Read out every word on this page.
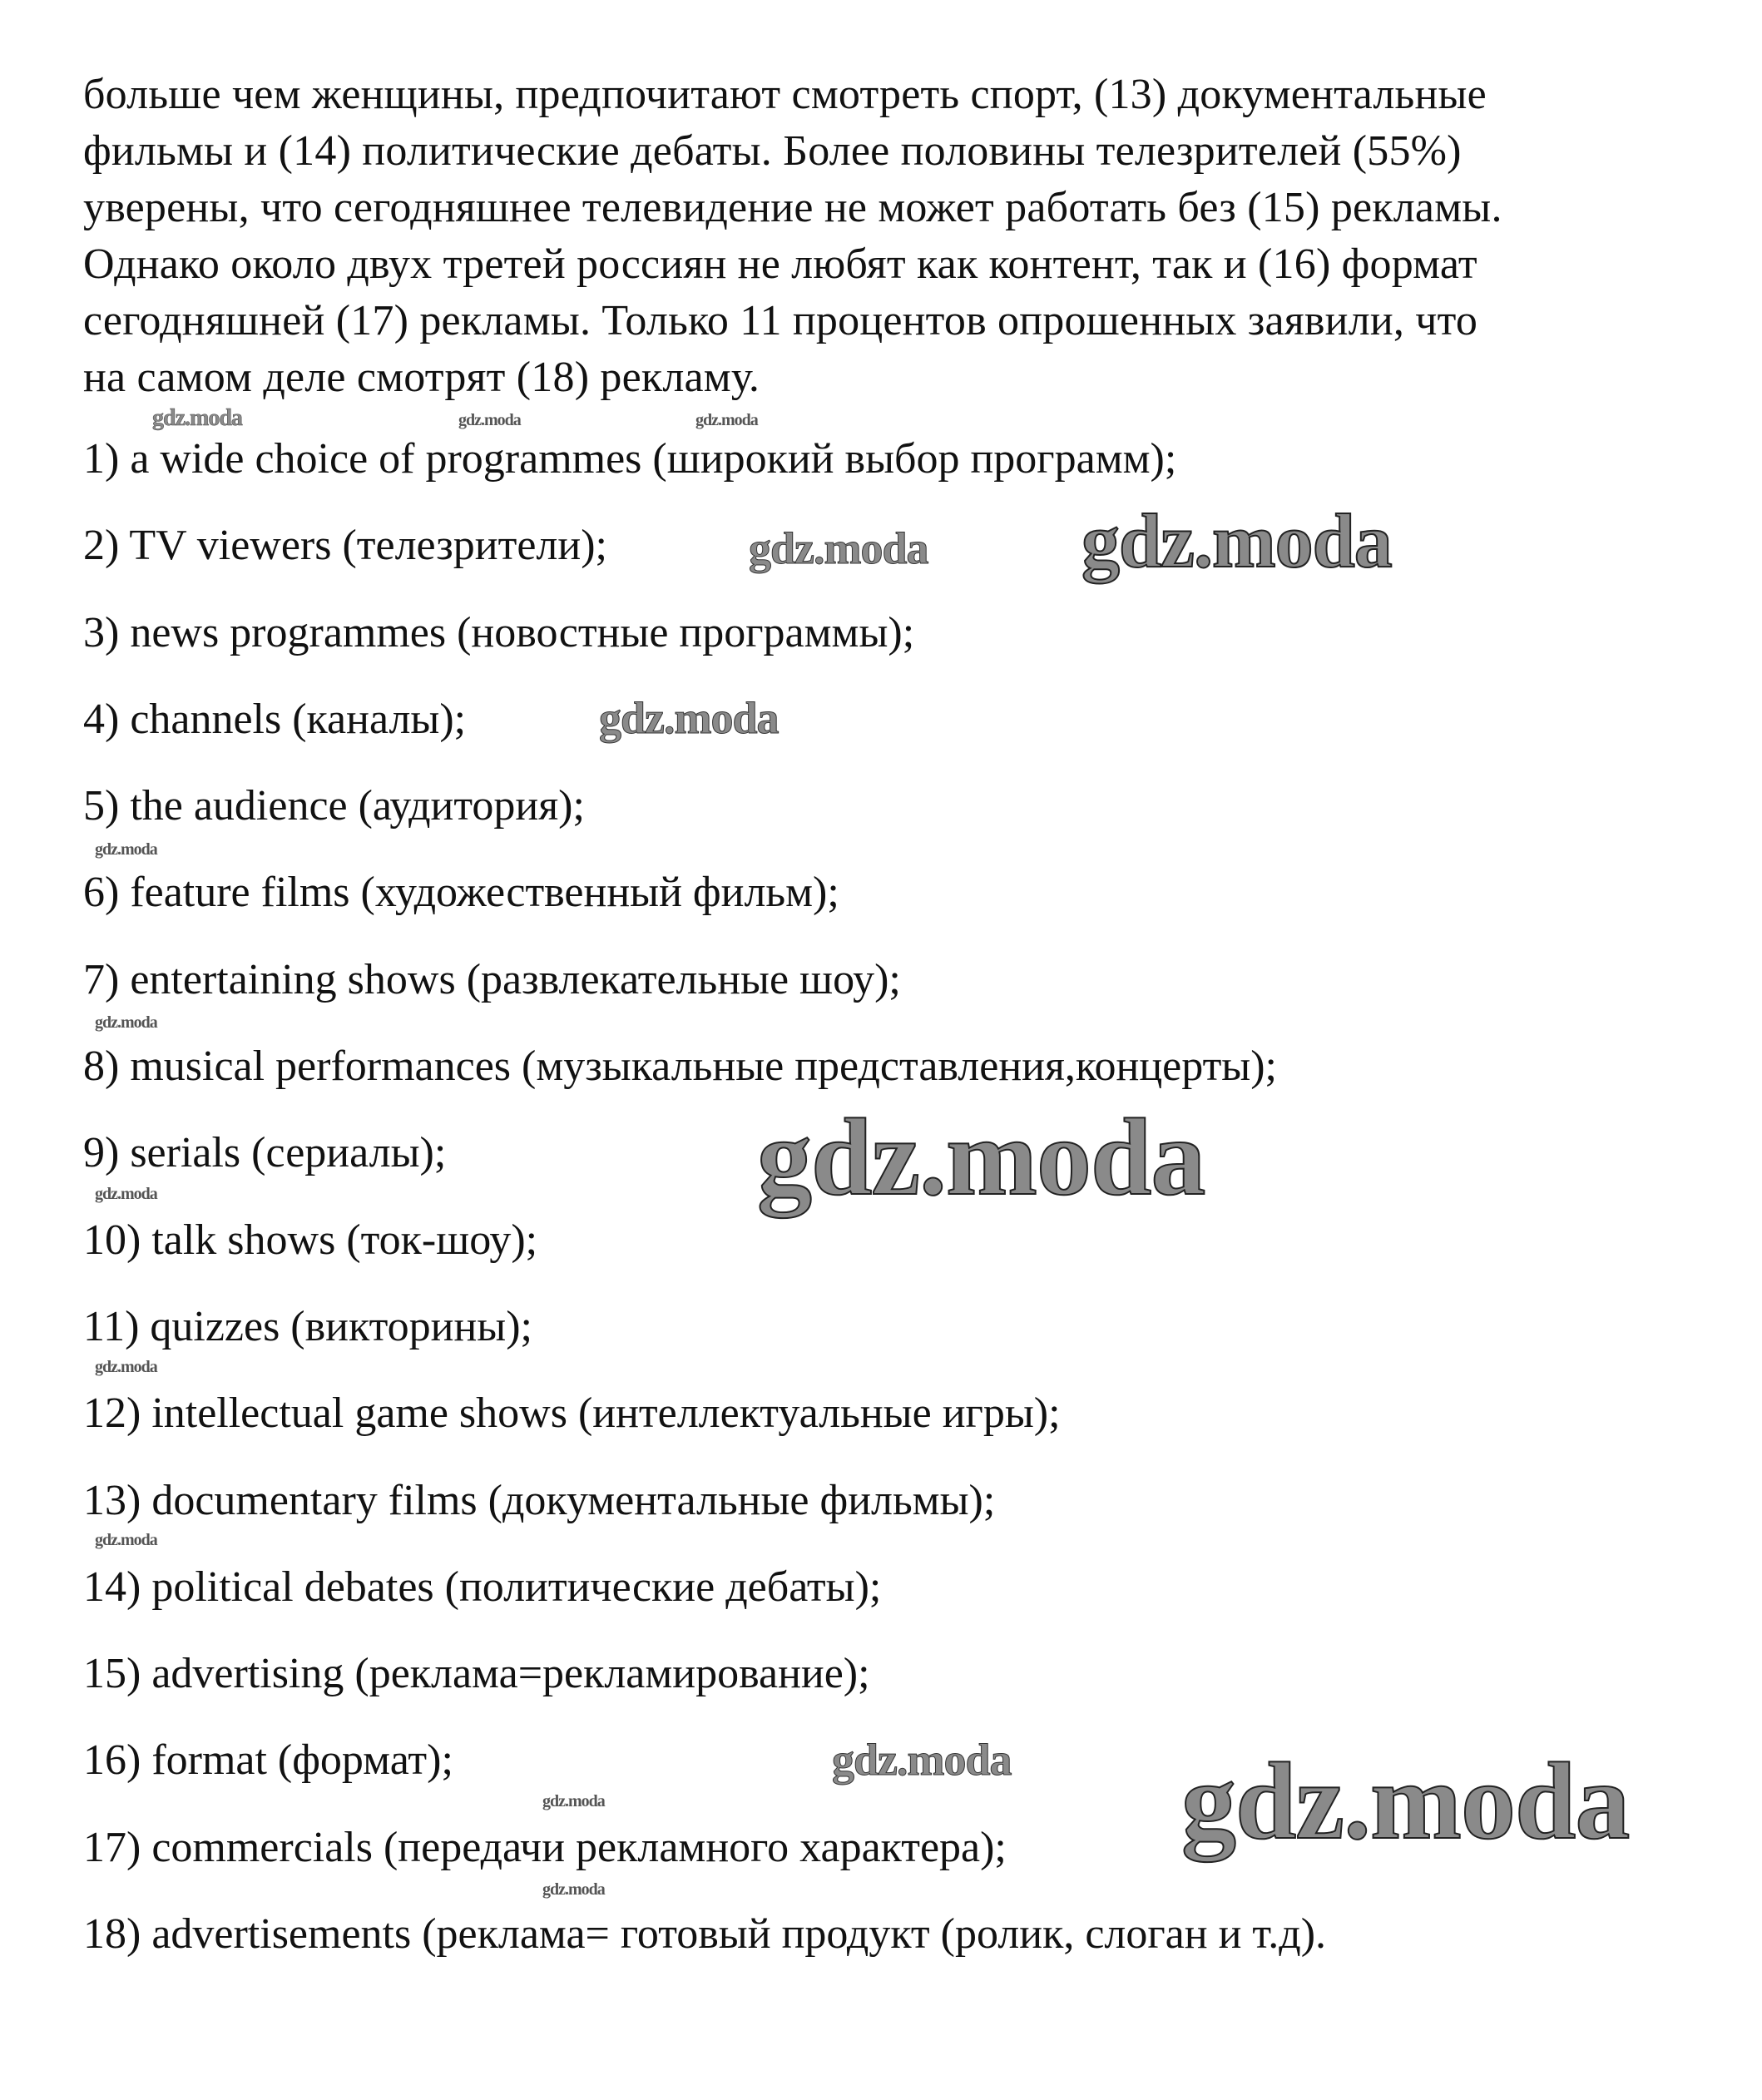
больше чем женщины, предпочитают смотреть спорт, (13) документальные
фильмы и (14) политические дебаты. Более половины телезрителей (55%)
уверены, что сегодняшнее телевидение не может работать без (15) рекламы.
Однако около двух третей россиян не любят как контент, так и (16) формат
сегодняшней (17) рекламы. Только 11 процентов опрошенных заявили, что
на самом деле смотрят (18) рекламу.
1) a wide choice of programmes (широкий выбор программ);
2) TV viewers (телезрители);
3) news programmes (новостные программы);
4) channels (каналы);
5) the audience (аудитория);
6) feature films (художественный фильм);
7) entertaining shows (развлекательные шоу);
8) musical performances (музыкальные представления,концерты);
9) serials (сериалы);
10) talk shows (ток-шоу);
11) quizzes (викторины);
12) intellectual game shows (интеллектуальные игры);
13) documentary films (документальные фильмы);
14) political debates (политические дебаты);
15) advertising (реклама=рекламирование);
16) format (формат);
17) commercials (передачи рекламного характера);
18) advertisements (реклама= готовый продукт (ролик, слоган и т.д).
gdz.moda	gdz.moda	gdz.moda
gdz.moda
gdz.moda
gdz.moda
gdz.moda
gdz.moda
gdz.moda
gdz.moda
gdz.moda
gdz.moda
gdz.moda
gdz.moda gdz.moda
gdz.moda
